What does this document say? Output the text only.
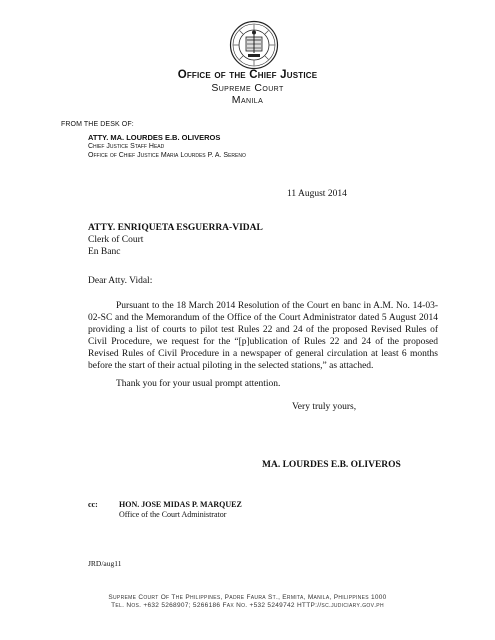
Office of the Chief Justice
Supreme Court
Manila
FROM THE DESK OF:
ATTY. MA. LOURDES E.B. OLIVEROS
Chief Justice Staff Head
Office of Chief Justice Maria Lourdes P. A. Sereno
11 August 2014
ATTY. ENRIQUETA ESGUERRA-VIDAL
Clerk of Court
En Banc
Dear Atty. Vidal:
Pursuant to the 18 March 2014 Resolution of the Court en banc in A.M. No. 14-03-02-SC and the Memorandum of the Office of the Court Administrator dated 5 August 2014 providing a list of courts to pilot test Rules 22 and 24 of the proposed Revised Rules of Civil Procedure, we request for the “[p]ublication of Rules 22 and 24 of the proposed Revised Rules of Civil Procedure in a newspaper of general circulation at least 6 months before the start of their actual piloting in the selected stations,” as attached.
Thank you for your usual prompt attention.
Very truly yours,
MA. LOURDES E.B. OLIVEROS
cc:	HON. JOSE MIDAS P. MARQUEZ
Office of the Court Administrator
JRD/aug11
Supreme Court Of The Philippines, Padre Faura St., Ermita, Manila, Philippines 1000
Tel. Nos. +632 5268907; 5266186 Fax No. +532 5249742 HTTP://sc.judiciary.gov.ph
